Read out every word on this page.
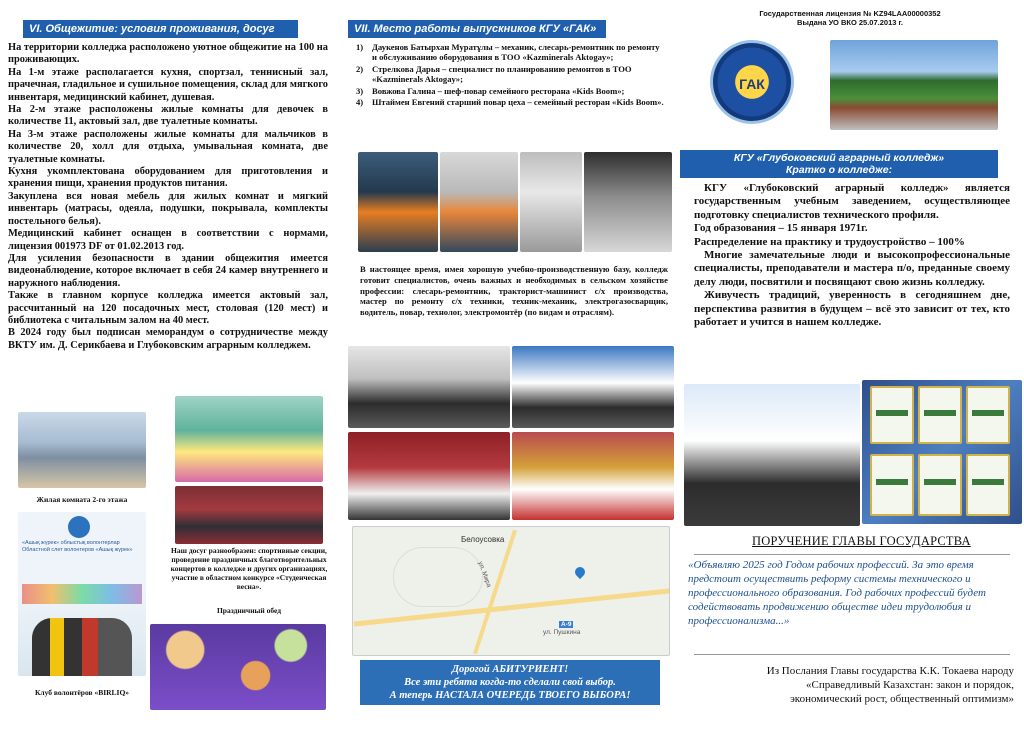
VI. Общежитие: условия проживания, досуг

На территории колледжа расположено уютное общежитие на 100 на проживающих.

На 1-м этаже располагается кухня, спортзал, теннисный зал, прачечная, гладильное и сушильное помещения, склад для мягкого инвентаря, медицинский кабинет, душевая.

На 2-м этаже расположены жилые комнаты для девочек в количестве 11, актовый зал, две туалетные комнаты.

На 3-м этаже расположены жилые комнаты для мальчиков в количестве 20, холл для отдыха, умывальная комната, две туалетные комнаты.

Кухня укомплектована оборудованием для приготовления и хранения пищи, хранения продуктов питания.

Закуплена вся новая мебель для жилых комнат и мягкий инвентарь (матрасы, одеяла, подушки, покрывала, комплекты постельного белья).

Медицинский кабинет оснащен в соответствии с нормами, лицензия 001973 DF от 01.02.2013 год.

Для усиления безопасности в здании общежития имеется видеонаблюдение, которое включает в себя 24 камер внутреннего и наружного наблюдения.

Также в главном корпусе колледжа имеется актовый зал, рассчитанный на 120 посадочных мест, столовая (120 мест) и библиотека с читальным залом на 40 мест.

В 2024 году был подписан меморандум о сотрудничестве между ВКТУ им. Д. Серикбаева и Глубоковским аграрным колледжем.

Жилая комната 2-го этажа
Наш досуг разнообразен: спортивные секции, проведение праздничных благотворительных концертов в колледже и других организациях, участие в областном конкурсе «Студенческая весна».
Праздничный обед
«Ашық жүрек» облыстық волонтерлар
Областной слет волонтеров «Ашық жүрек»
Клуб волонтёров «BIRLIQ»
VII. Место работы выпускников КГУ «ГАК»
1) Даукенов Батырхан Муратұлы – механик, слесарь-ремонтник по ремонту и обслуживанию оборудования в ТОО «Kazminerals Aktogay»;
2) Стрелкова Дарья – специалист по планированию ремонтов в ТОО «Kazminerals Aktogay»;
3) Вовжова Галина – шеф-повар семейного ресторана «Kids Boom»;
4) Штаймен Евгений старший повар цеха – семейный ресторан «Kids Boom».
В настоящее время, имея хорошую учебно-производственную базу, колледж готовит специалистов, очень важных и необходимых в сельском хозяйстве профессии: слесарь-ремонтник, тракторист-машинист с/х производства, мастер по ремонту с/х техники, техник-механик, электрогазосварщик, водитель, повар, технолог, электромонтёр (по видам и отраслям).
Белоусовка
ул. Мира
ул. Пушкина
А-9
Дорогой АБИТУРИЕНТ!
Все эти ребята когда-то сделали свой выбор.
А теперь НАСТАЛА ОЧЕРЕДЬ ТВОЕГО ВЫБОРА!
Государственная лицензия № KZ94LAA00000352
Выдана УО ВКО 25.07.2013 г.
ГАК
КГУ «Глубоковский аграрный колледж»
Кратко о колледже:

КГУ «Глубоковский аграрный колледж» является государственным учебным заведением, осуществляющее подготовку специалистов технического профиля.

Год образования – 15 января 1971г.

Распределение на практику и трудоустройство – 100%

Многие замечательные люди и высокопрофессиональные специалисты, преподаватели и мастера п/о, преданные своему делу люди, посвятили и посвящают свою жизнь колледжу.

Живучесть традиций, уверенность в сегодняшнем дне, перспектива развития в будущем – всё это зависит от тех, кто работает и учится в нашем колледже.

ПОРУЧЕНИЕ ГЛАВЫ ГОСУДАРСТВА
«Объявляю 2025 год Годом рабочих профессий. За это время предстоит осуществить реформу системы технического и профессионального образования. Год рабочих профессий будет содействовать продвижению обществе идеи трудолюбия и профессионализма...»
Из Послания Главы государства К.К. Токаева народу
«Справедливый Казахстан: закон и порядок,
экономический рост, общественный оптимизм»
